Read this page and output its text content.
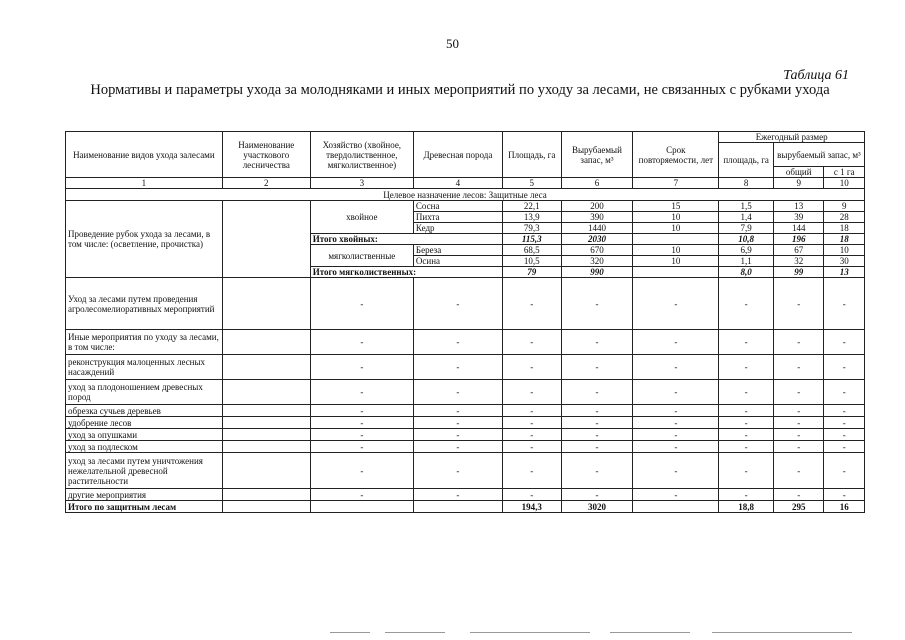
50
Таблица 61
Нормативы и параметры ухода за молодняками и иных мероприятий по уходу за лесами, не связанных с рубками ухода
Наименование видов ухода залесами	Наименование участкового лесничества	Хозяйство (хвойное, твердолиственное, мягколиственное)	Древесная порода	Площадь, га	Вырубаемый запас, м³	Срок повторяемости, лет	Ежегодный размер		
							площадь, га	вырубаемый запас, м³	
								общий	с 1 га
1	2	3	4	5	6	7	8	9	10
Целевое назначение лесов: Защитные леса									
Проведение рубок ухода за лесами, в том числе: (осветление, прочистка)		хвойное	Сосна	22,1	200	15	1,5	13	9
			Пихта	13,9	390	10	1,4	39	28
			Кедр	79,3	1440	10	7,9	144	18
		Итого хвойных:		115,3	2030		10,8	196	18
		мягколиственные	Береза	68,5	670	10	6,9	67	10
			Осина	10,5	320	10	1,1	32	30
		Итого мягколиственных:		79	990		8,0	99	13
Уход за лесами путем проведения агролесомелиоративных мероприятий		-	-	-	-	-	-	-	-
Иные мероприятия по уходу за лесами, в том числе:		-	-	-	-	-	-	-	-
реконструкция малоценных лесных насаждений		-	-	-	-	-	-	-	-
уход за плодоношением древесных пород		-	-	-	-	-	-	-	-
обрезка сучьев деревьев		-	-	-	-	-	-	-	-
удобрение лесов		-	-	-	-	-	-	-	-
уход за опушками		-	-	-	-	-	-	-	-
уход за подлеском		-	-	-	-	-	-	-	-
уход за лесами путем уничтожения нежелательной древесной растительности		-	-	-	-	-	-	-	-
другие мероприятия		-	-	-	-	-	-	-	-
Итого по защитным лесам				194,3	3020		18,8	295	16
